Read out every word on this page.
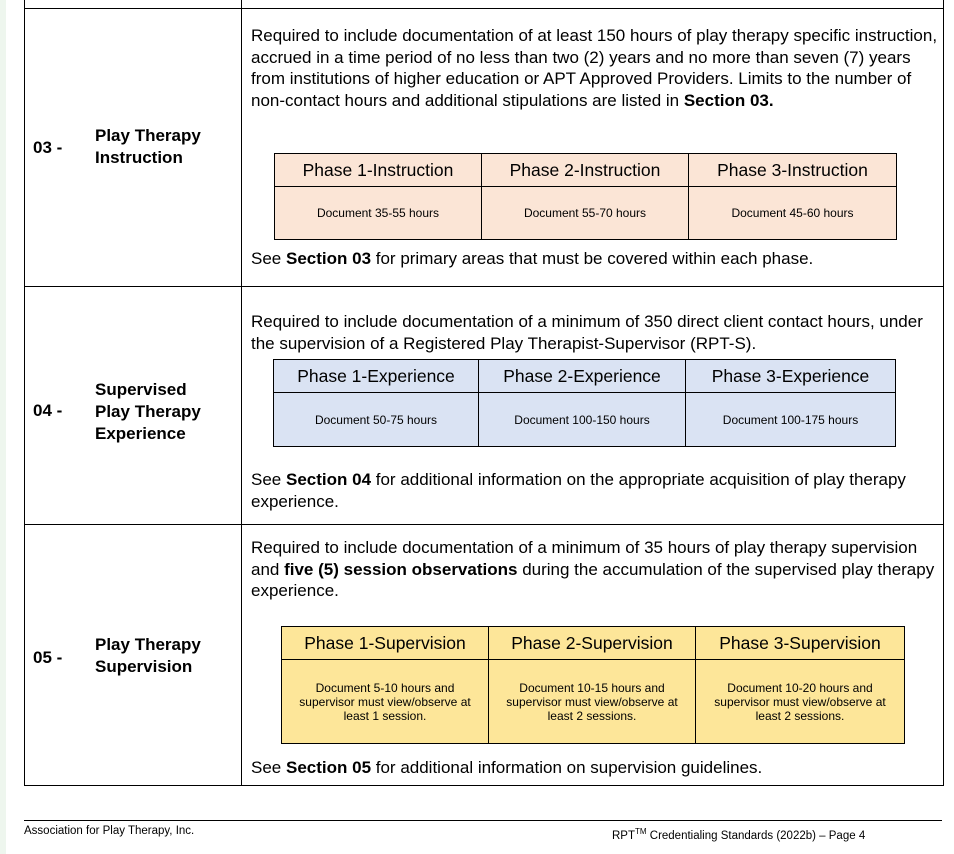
03 -
Play Therapy
Instruction
Required to include documentation of at least 150 hours of play therapy specific instruction, accrued in a time period of no less than two (2) years and no more than seven (7) years from institutions of higher education or APT Approved Providers. Limits to the number of non-contact hours and additional stipulations are listed in Section 03.
Phase 1-Instruction	Phase 2-Instruction	Phase 3-Instruction
Document 35-55 hours	Document 55-70 hours	Document 45-60 hours
See Section 03 for primary areas that must be covered within each phase.
04 -
Supervised
Play Therapy
Experience
Required to include documentation of a minimum of 350 direct client contact hours, under the supervision of a Registered Play Therapist-Supervisor (RPT-S).
Phase 1-Experience	Phase 2-Experience	Phase 3-Experience
Document 50-75 hours	Document 100-150 hours	Document 100-175 hours
See Section 04 for additional information on the appropriate acquisition of play therapy experience.
05 -
Play Therapy
Supervision
Required to include documentation of a minimum of 35 hours of play therapy supervision and five (5) session observations during the accumulation of the supervised play therapy experience.
Phase 1-Supervision	Phase 2-Supervision	Phase 3-Supervision
Document 5-10 hours and supervisor must view/observe at least 1 session.	Document 10-15 hours and supervisor must view/observe at least 2 sessions.	Document 10-20 hours and supervisor must view/observe at least 2 sessions.
See Section 05 for additional information on supervision guidelines.
Association for Play Therapy, Inc.	RPT™ Credentialing Standards (2022b) – Page 4
